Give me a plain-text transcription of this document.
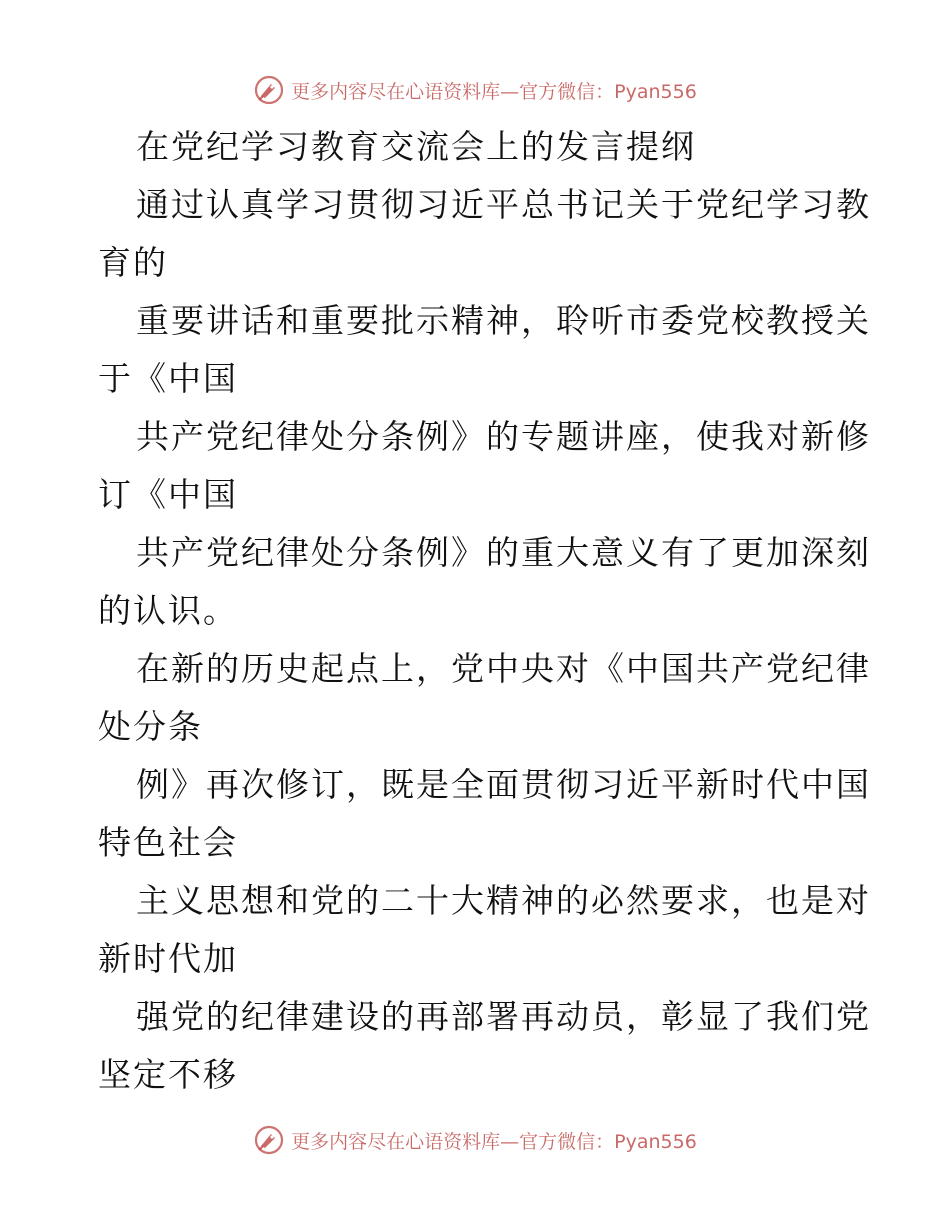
更多内容尽在心语资料库—官方微信：Pyan556
在党纪学习教育交流会上的发言提纲
通过认真学习贯彻习近平总书记关于党纪学习教
育的
重要讲话和重要批示精神，聆听市委党校教授关
于《中国
共产党纪律处分条例》的专题讲座，使我对新修
订《中国
共产党纪律处分条例》的重大意义有了更加深刻
的认识。
在新的历史起点上，党中央对《中国共产党纪律
处分条
例》再次修订，既是全面贯彻习近平新时代中国
特色社会
主义思想和党的二十大精神的必然要求，也是对
新时代加
强党的纪律建设的再部署再动员，彰显了我们党
坚定不移
更多内容尽在心语资料库—官方微信：Pyan556
